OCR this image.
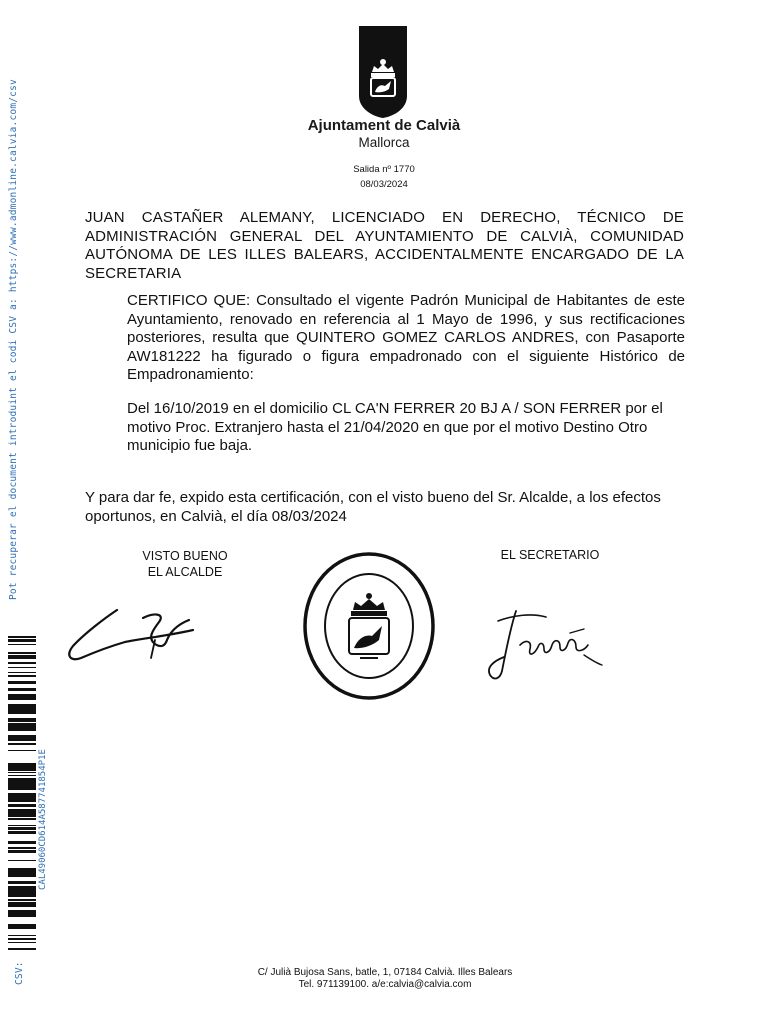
Pot recuperar el document introduint el codi CSV a: https://www.admonline.calvia.com/csv
CSV:
CAL49060CD614A587741854P1E
Ajuntament de Calvià
Mallorca
Salida nº 1770
08/03/2024
JUAN CASTAÑER ALEMANY, LICENCIADO EN DERECHO, TÉCNICO DE ADMINISTRACIÓN GENERAL DEL AYUNTAMIENTO DE CALVIÀ, COMUNIDAD AUTÓNOMA DE LES ILLES BALEARS, ACCIDENTALMENTE ENCARGADO DE LA SECRETARIA
CERTIFICO QUE: Consultado el vigente Padrón Municipal de Habitantes de este Ayuntamiento, renovado en referencia al 1 Mayo de 1996, y sus rectificaciones posteriores, resulta que QUINTERO GOMEZ CARLOS ANDRES, con Pasaporte AW181222 ha figurado o figura empadronado con el siguiente Histórico de Empadronamiento:
Del 16/10/2019 en el domicilio CL CA'N FERRER 20 BJ A / SON FERRER por el motivo Proc. Extranjero hasta el 21/04/2020 en que por el motivo Destino Otro municipio fue baja.
Y para dar fe, expido esta certificación, con el visto bueno del Sr. Alcalde, a los efectos oportunos, en Calvià, el día 08/03/2024
VISTO BUENO
EL ALCALDE
EL SECRETARIO
C/ Julià Bujosa Sans, batle, 1, 07184 Calvià. Illes Balears
Tel. 971139100. a/e:calvia@calvia.com
